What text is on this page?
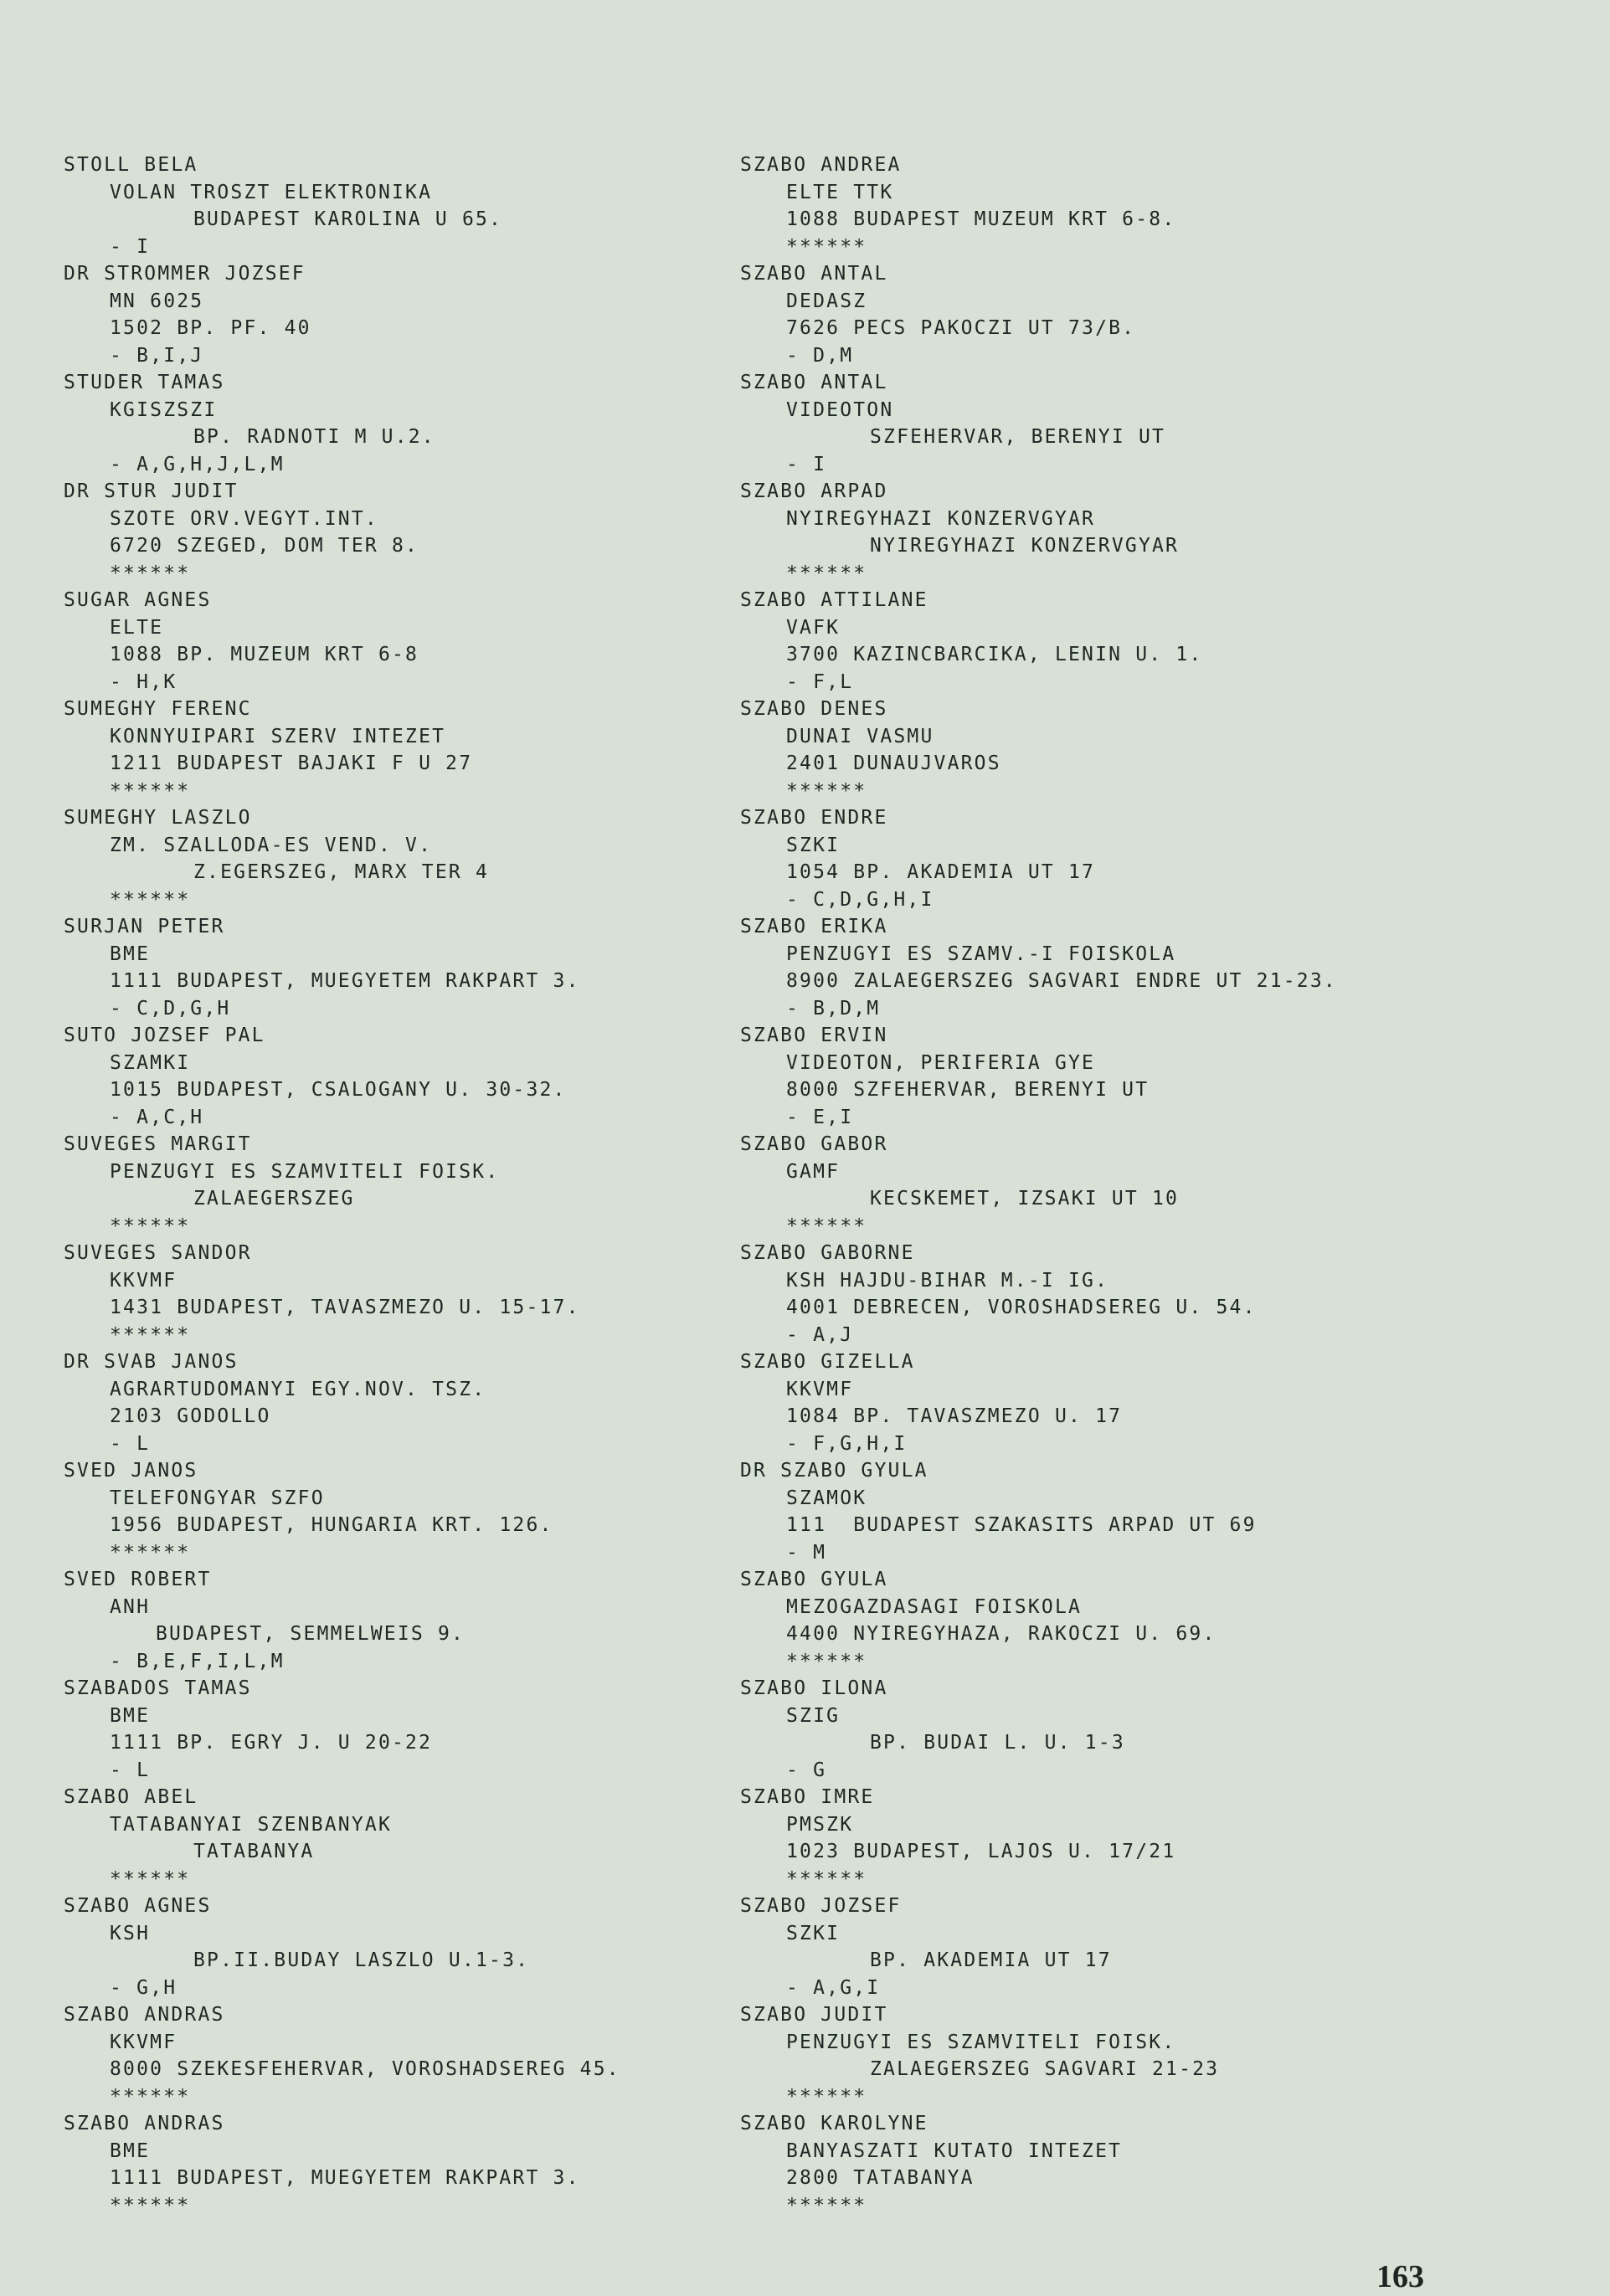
STOLL BELA
VOLAN TROSZT ELEKTRONIKA
BUDAPEST KAROLINA U 65.
- I
DR STROMMER JOZSEF
MN 6025
1502 BP. PF. 40
- B,I,J
STUDER TAMAS
KGISZSZI
BP. RADNOTI M U.2.
- A,G,H,J,L,M
DR STUR JUDIT
SZOTE ORV.VEGYT.INT.
6720 SZEGED, DOM TER 8.
******
SUGAR AGNES
ELTE
1088 BP. MUZEUM KRT 6-8
- H,K
SUMEGHY FERENC
KONNYUIPARI SZERV INTEZET
1211 BUDAPEST BAJAKI F U 27
******
SUMEGHY LASZLO
ZM. SZALLODA-ES VEND. V.
Z.EGERSZEG, MARX TER 4
******
SURJAN PETER
BME
1111 BUDAPEST, MUEGYETEM RAKPART 3.
- C,D,G,H
SUTO JOZSEF PAL
SZAMKI
1015 BUDAPEST, CSALOGANY U. 30-32.
- A,C,H
SUVEGES MARGIT
PENZUGYI ES SZAMVITELI FOISK.
ZALAEGERSZEG
******
SUVEGES SANDOR
KKVMF
1431 BUDAPEST, TAVASZMEZO U. 15-17.
******
DR SVAB JANOS
AGRARTUDOMANYI EGY.NOV. TSZ.
2103 GODOLLO
- L
SVED JANOS
TELEFONGYAR SZFO
1956 BUDAPEST, HUNGARIA KRT. 126.
******
SVED ROBERT
ANH
BUDAPEST, SEMMELWEIS 9.
- B,E,F,I,L,M
SZABADOS TAMAS
BME
1111 BP. EGRY J. U 20-22
- L
SZABO ABEL
TATABANYAI SZENBANYAK
TATABANYA
******
SZABO AGNES
KSH
BP.II.BUDAY LASZLO U.1-3.
- G,H
SZABO ANDRAS
KKVMF
8000 SZEKESFEHERVAR, VOROSHADSEREG 45.
******
SZABO ANDRAS
BME
1111 BUDAPEST, MUEGYETEM RAKPART 3.
******
SZABO ANDREA
ELTE TTK
1088 BUDAPEST MUZEUM KRT 6-8.
******
SZABO ANTAL
DEDASZ
7626 PECS PAKOCZI UT 73/B.
- D,M
SZABO ANTAL
VIDEOTON
SZFEHERVAR, BERENYI UT
- I
SZABO ARPAD
NYIREGYHAZI KONZERVGYAR
NYIREGYHAZI KONZERVGYAR
******
SZABO ATTILANE
VAFK
3700 KAZINCBARCIKA, LENIN U. 1.
- F,L
SZABO DENES
DUNAI VASMU
2401 DUNAUJVAROS
******
SZABO ENDRE
SZKI
1054 BP. AKADEMIA UT 17
- C,D,G,H,I
SZABO ERIKA
PENZUGYI ES SZAMV.-I FOISKOLA
8900 ZALAEGERSZEG SAGVARI ENDRE UT 21-23.
- B,D,M
SZABO ERVIN
VIDEOTON, PERIFERIA GYE
8000 SZFEHERVAR, BERENYI UT
- E,I
SZABO GABOR
GAMF
KECSKEMET, IZSAKI UT 10
******
SZABO GABORNE
KSH HAJDU-BIHAR M.-I IG.
4001 DEBRECEN, VOROSHADSEREG U. 54.
- A,J
SZABO GIZELLA
KKVMF
1084 BP. TAVASZMEZO U. 17
- F,G,H,I
DR SZABO GYULA
SZAMOK
111  BUDAPEST SZAKASITS ARPAD UT 69
- M
SZABO GYULA
MEZOGAZDASAGI FOISKOLA
4400 NYIREGYHAZA, RAKOCZI U. 69.
******
SZABO ILONA
SZIG
BP. BUDAI L. U. 1-3
- G
SZABO IMRE
PMSZK
1023 BUDAPEST, LAJOS U. 17/21
******
SZABO JOZSEF
SZKI
BP. AKADEMIA UT 17
- A,G,I
SZABO JUDIT
PENZUGYI ES SZAMVITELI FOISK.
ZALAEGERSZEG SAGVARI 21-23
******
SZABO KAROLYNE
BANYASZATI KUTATO INTEZET
2800 TATABANYA
******
163
